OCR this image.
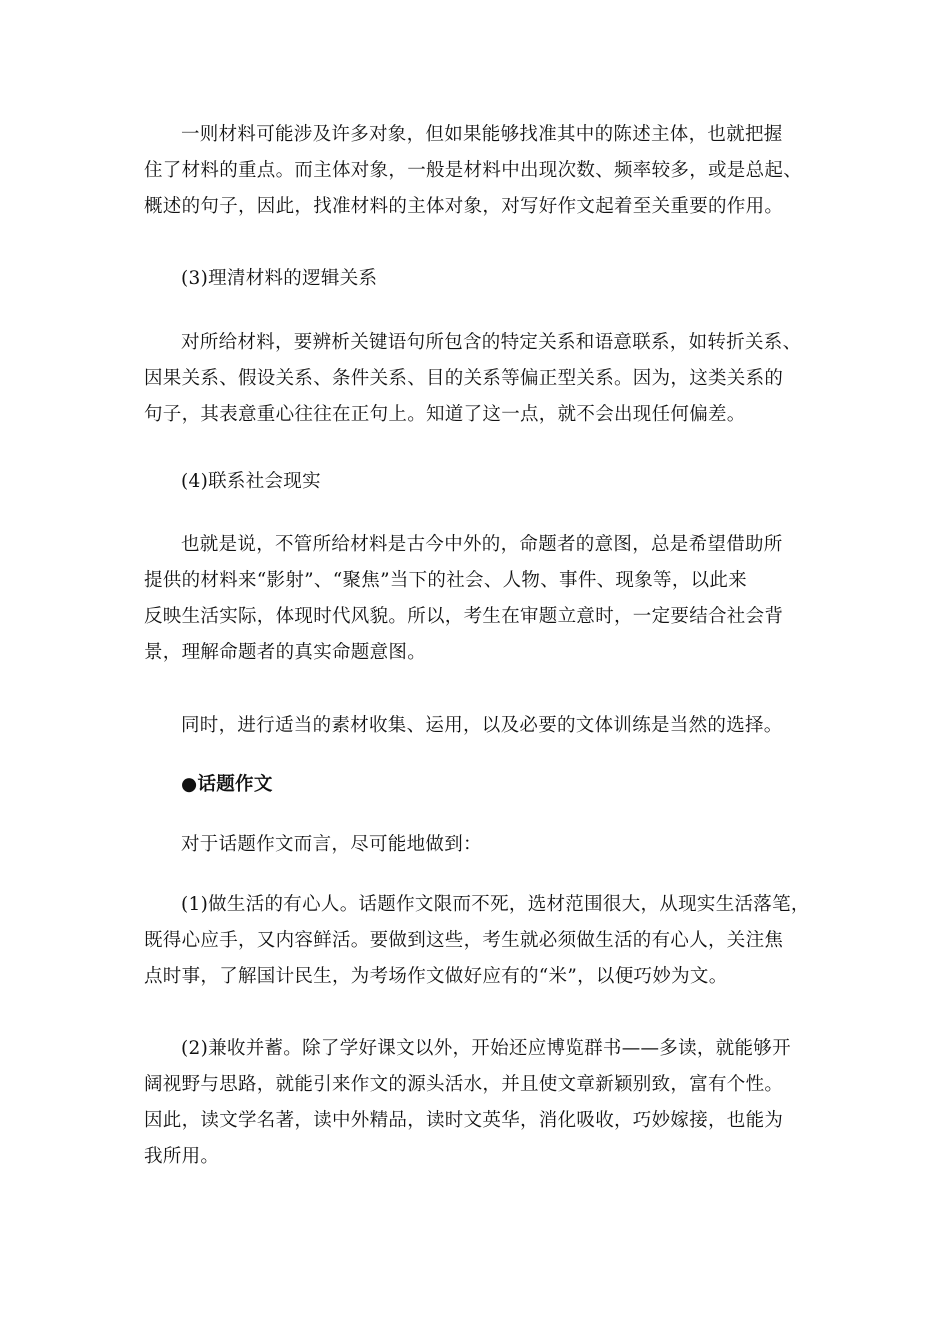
一则材料可能涉及许多对象，但如果能够找准其中的陈述主体，也就把握
住了材料的重点。而主体对象，一般是材料中出现次数、频率较多，或是总起、
概述的句子，因此，找准材料的主体对象，对写好作文起着至关重要的作用。

(3)理清材料的逻辑关系

对所给材料，要辨析关键语句所包含的特定关系和语意联系，如转折关系、
因果关系、假设关系、条件关系、目的关系等偏正型关系。因为，这类关系的
句子，其表意重心往往在正句上。知道了这一点，就不会出现任何偏差。

(4)联系社会现实

也就是说，不管所给材料是古今中外的，命题者的意图，总是希望借助所
提供的材料来“影射”、“聚焦”当下的社会、人物、事件、现象等，以此来
反映生活实际，体现时代风貌。所以，考生在审题立意时，一定要结合社会背
景，理解命题者的真实命题意图。

同时，进行适当的素材收集、运用，以及必要的文体训练是当然的选择。

●话题作文

对于话题作文而言，尽可能地做到：

(1)做生活的有心人。话题作文限而不死，选材范围很大，从现实生活落笔，
既得心应手，又内容鲜活。要做到这些，考生就必须做生活的有心人，关注焦
点时事，了解国计民生，为考场作文做好应有的“米”，以便巧妙为文。

(2)兼收并蓄。除了学好课文以外，开始还应博览群书——多读，就能够开
阔视野与思路，就能引来作文的源头活水，并且使文章新颖别致，富有个性。
因此，读文学名著，读中外精品，读时文英华，消化吸收，巧妙嫁接，也能为
我所用。
